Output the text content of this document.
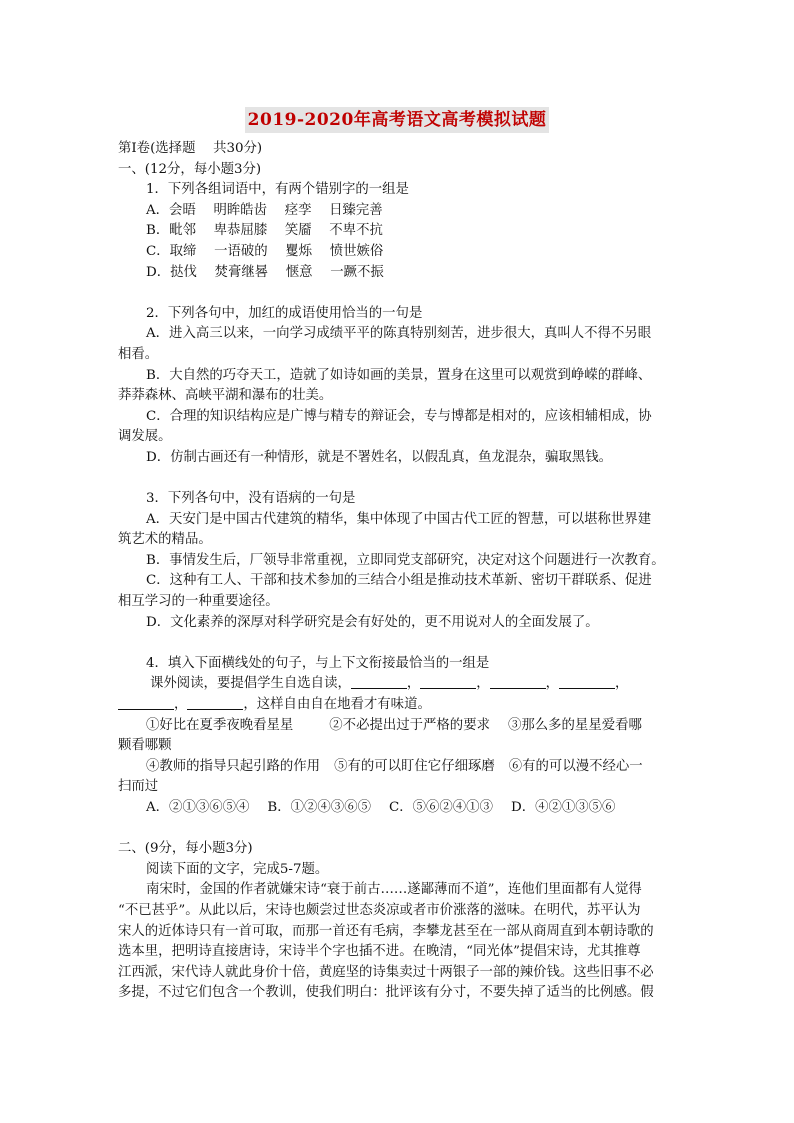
2019-2020年高考语文高考模拟试题

第Ⅰ卷(选择题　 共30分)

一、(12分，每小题3分)

1．下列各组词语中，有两个错别字的一组是

A．会晤　 明眸皓齿　 痉孪　 日臻完善

B．毗邻　 卑恭屈膝　 笑靥　 不卑不抗

C．取缔　 一语破的　 矍烁　 愤世嫉俗

D．挞伐　 焚膏继晷　 惬意　 一蹶不振

2．下列各句中，加红的成语使用恰当的一句是

A．进入高三以来，一向学习成绩平平的陈真特别刻苦，进步很大，真叫人不得不另眼

相看。

B．大自然的巧夺天工，造就了如诗如画的美景，置身在这里可以观赏到峥嵘的群峰、

莽莽森林、高峡平湖和瀑布的壮美。

C．合理的知识结构应是广博与精专的辩证会，专与博都是相对的，应该相辅相成，协

调发展。

D．仿制古画还有一种情形，就是不署姓名，以假乱真，鱼龙混杂，骗取黑钱。

3．下列各句中，没有语病的一句是

A．天安门是中国古代建筑的精华，集中体现了中国古代工匠的智慧，可以堪称世界建

筑艺术的精品。

B．事情发生后，厂领导非常重视，立即同党支部研究，决定对这个问题进行一次教育。

C．这种有工人、干部和技术参加的三结合小组是推动技术革新、密切干群联系、促进

相互学习的一种重要途径。

D．文化素养的深厚对科学研究是会有好处的，更不用说对人的全面发展了。

4．填入下面横线处的句子，与上下文衔接最恰当的一组是

课外阅读，要提倡学生自选自读，	，	，	，	，

，	，这样自由自在地看才有味道。

①好比在夏季夜晚看星星	②不必提出过于严格的要求 ③那么多的星星爱看哪

颗看哪颗

④教师的指导只起引路的作用 ⑤有的可以盯住它仔细琢磨 ⑥有的可以漫不经心一

扫而过

A．②①③⑥⑤④ B．①②④③⑥⑤ C．⑤⑥②④①③ D．④②①③⑤⑥

二、(9分，每小题3分)

阅读下面的文字，完成5-7题。

南宋时，金国的作者就嫌宋诗“衰于前古……遂鄙薄而不道”，连他们里面都有人觉得

“不已甚乎”。从此以后，宋诗也颇尝过世态炎凉或者市价涨落的滋味。在明代，苏平认为

宋人的近体诗只有一首可取，而那一首还有毛病，李攀龙甚至在一部从商周直到本朝诗歌的

选本里，把明诗直接唐诗，宋诗半个字也插不进。在晚清，“同光体”提倡宋诗，尤其推尊

江西派，宋代诗人就此身价十倍，黄庭坚的诗集卖过十两银子一部的辣价钱。这些旧事不必

多提，不过它们包含一个教训，使我们明白：批评该有分寸，不要失掉了适当的比例感。假
